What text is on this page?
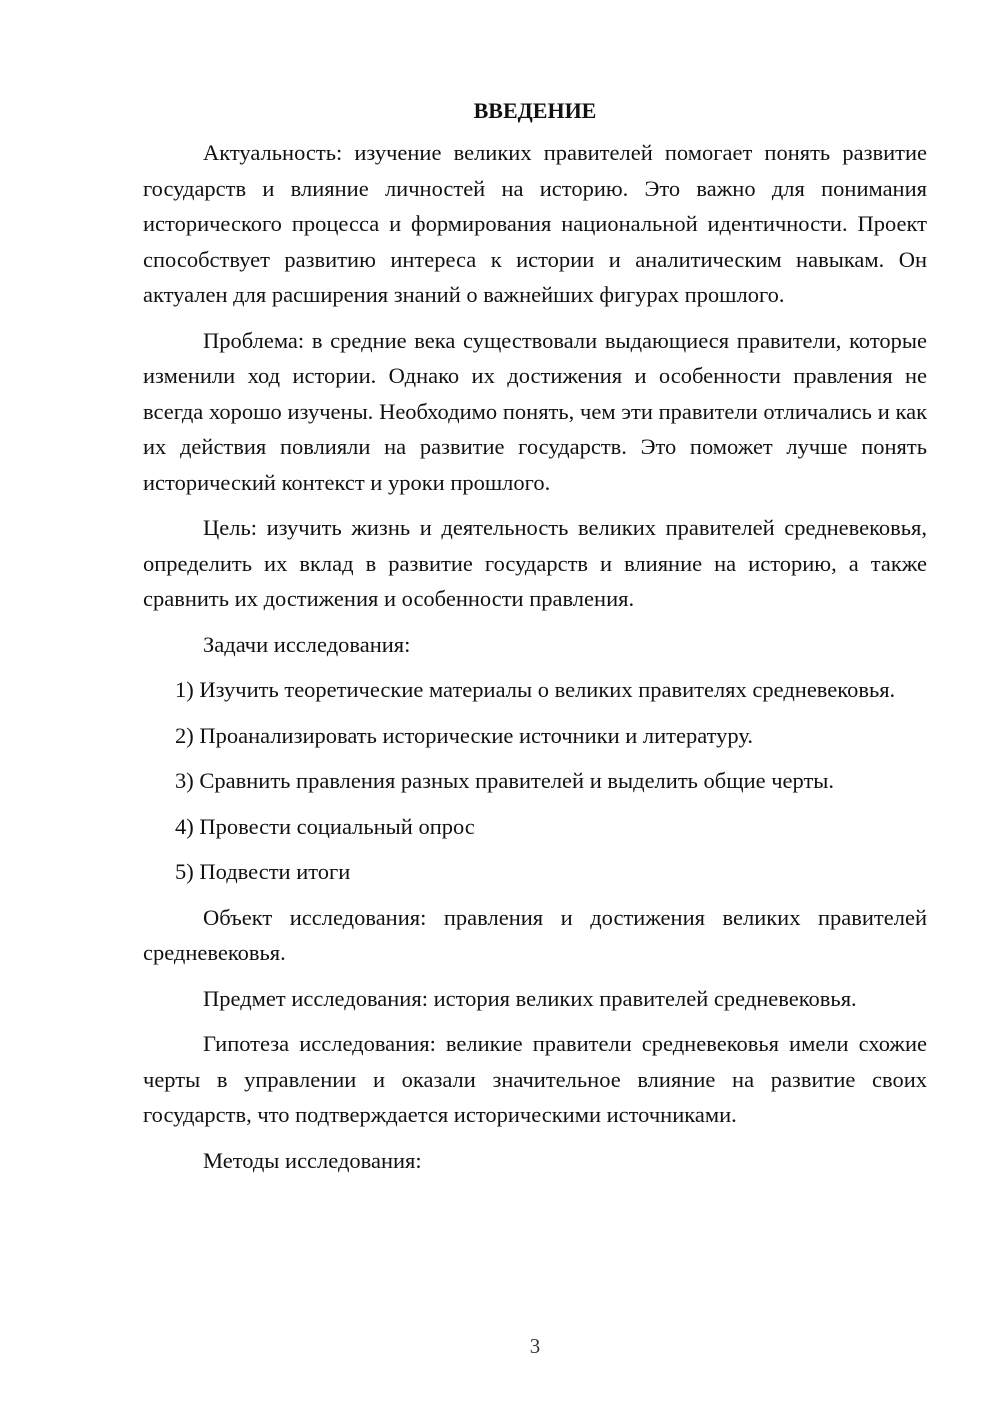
ВВЕДЕНИЕ

Актуальность: изучение великих правителей помогает понять развитие государств и влияние личностей на историю. Это важно для понимания исторического процесса и формирования национальной идентичности. Проект способствует развитию интереса к истории и аналитическим навыкам. Он актуален для расширения знаний о важнейших фигурах прошлого.

Проблема: в средние века существовали выдающиеся правители, которые изменили ход истории. Однако их достижения и особенности правления не всегда хорошо изучены. Необходимо понять, чем эти правители отличались и как их действия повлияли на развитие государств. Это поможет лучше понять исторический контекст и уроки прошлого.

Цель: изучить жизнь и деятельность великих правителей средневековья, определить их вклад в развитие государств и влияние на историю, а также сравнить их достижения и особенности правления.

Задачи исследования:

1) Изучить теоретические материалы о великих правителях средневековья.

2) Проанализировать исторические источники и литературу.

3) Сравнить правления разных правителей и выделить общие черты.

4) Провести социальный опрос

5) Подвести итоги

Объект исследования: правления и достижения великих правителей средневековья.

Предмет исследования: история великих правителей средневековья.

Гипотеза исследования: великие правители средневековья имели схожие черты в управлении и оказали значительное влияние на развитие своих государств, что подтверждается историческими источниками.

Методы исследования:

3
